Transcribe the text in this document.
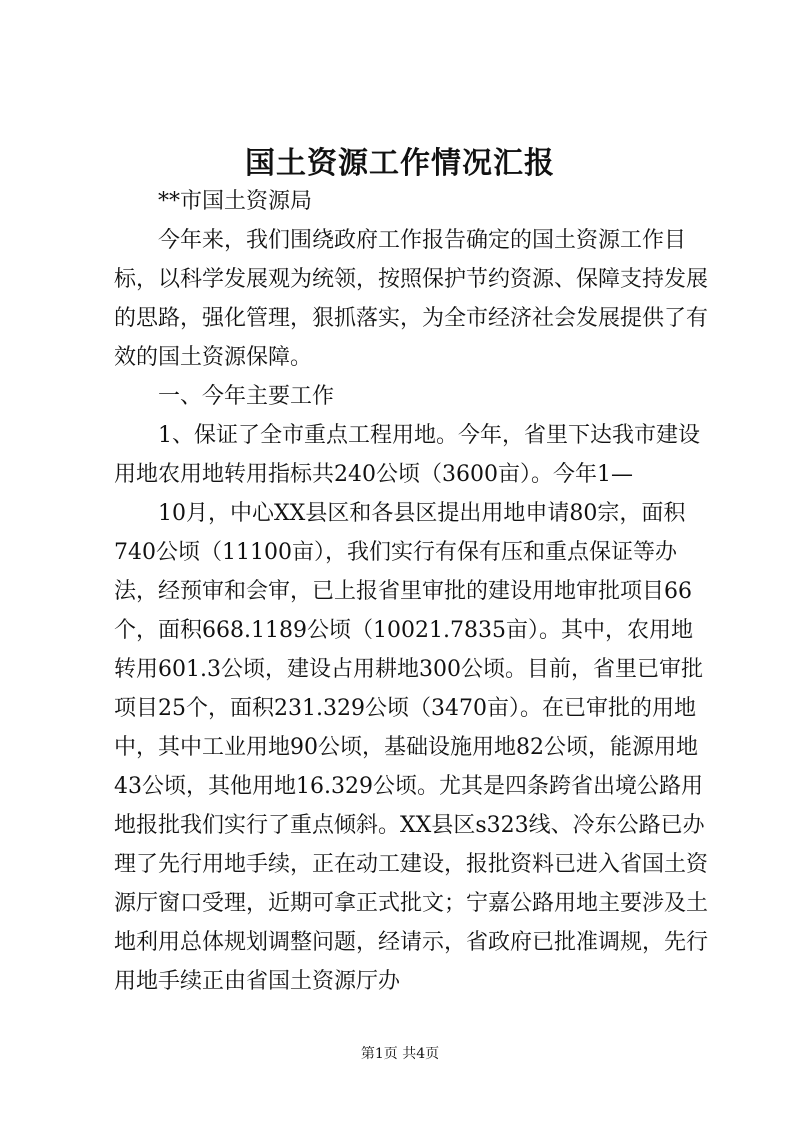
国土资源工作情况汇报

**市国土资源局

今年来，我们围绕政府工作报告确定的国土资源工作目标，以科学发展观为统领，按照保护节约资源、保障支持发展的思路，强化管理，狠抓落实，为全市经济社会发展提供了有效的国土资源保障。

一、今年主要工作

1、保证了全市重点工程用地。今年，省里下达我市建设用地农用地转用指标共240公顷（3600亩）。今年1—

10月，中心XX县区和各县区提出用地申请80宗，面积740公顷（11100亩），我们实行有保有压和重点保证等办法，经预审和会审，已上报省里审批的建设用地审批项目66个，面积668.1189公顷（10021.7835亩）。其中，农用地转用601.3公顷，建设占用耕地300公顷。目前，省里已审批项目25个，面积231.329公顷（3470亩）。在已审批的用地中，其中工业用地90公顷，基础设施用地82公顷，能源用地43公顷，其他用地16.329公顷。尤其是四条跨省出境公路用地报批我们实行了重点倾斜。XX县区s323线、冷东公路已办理了先行用地手续，正在动工建设，报批资料已进入省国土资源厅窗口受理，近期可拿正式批文；宁嘉公路用地主要涉及土地利用总体规划调整问题，经请示，省政府已批准调规，先行用地手续正由省国土资源厅办

第1页 共4页
